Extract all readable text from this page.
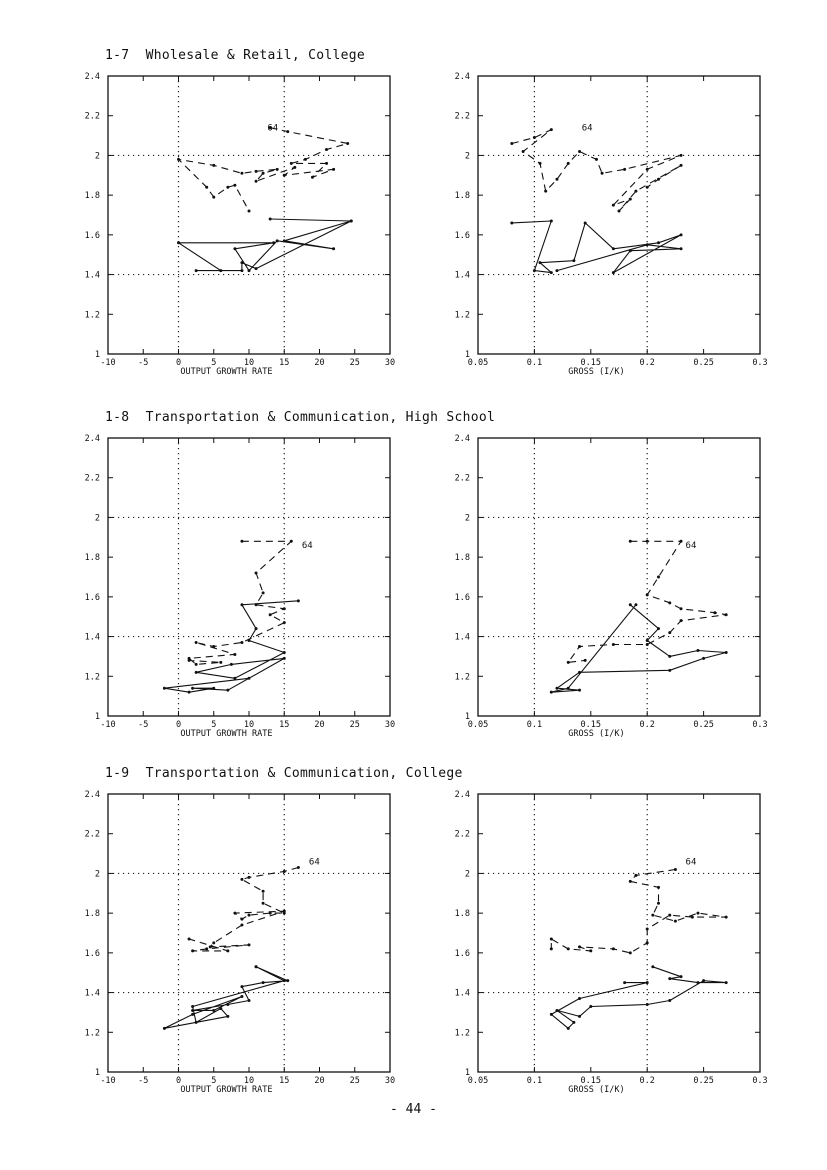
1-7  Wholesale & Retail, College
1-8  Transportation & Communication, High School
1-9  Transportation & Communication, College
-10	-5	0	5	10	15	20	25	30
1
1.2
1.4
1.6
1.8
2
2.2
2.4
OUTPUT GROWTH RATE
64
0.05	0.1	0.15	0.2	0.25	0.3
1
1.2
1.4
1.6
1.8
2
2.2
2.4
GROSS (I/K)
64
-10	-5	0	5	10	15	20	25	30
1
1.2
1.4
1.6
1.8
2
2.2
2.4
OUTPUT GROWTH RATE
64
0.05	0.1	0.15	0.2	0.25	0.3
1
1.2
1.4
1.6
1.8
2
2.2
2.4
GROSS (I/K)
64
-10	-5	0	5	10	15	20	25	30
1
1.2
1.4
1.6
1.8
2
2.2
2.4
OUTPUT GROWTH RATE
64
0.05	0.1	0.15	0.2	0.25	0.3
1
1.2
1.4
1.6
1.8
2
2.2
2.4
GROSS (I/K)
64
- 44 -
